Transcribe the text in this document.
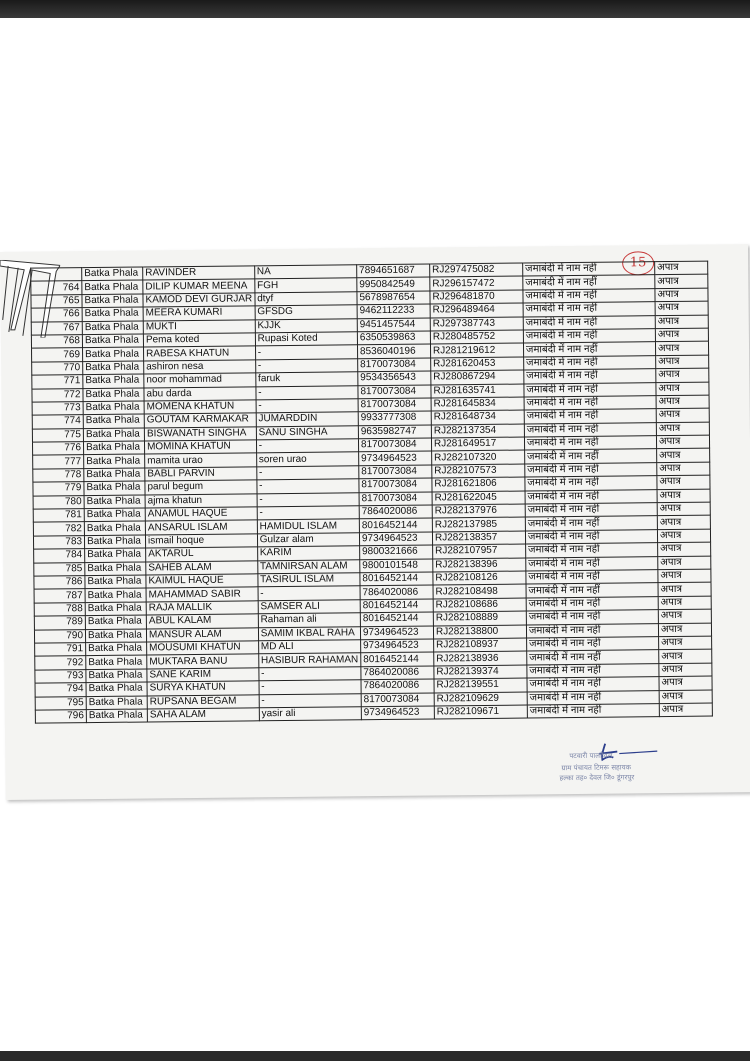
15
	Batka Phala	RAVINDER	NA	7894651687	RJ297475082	जमाबंदी में नाम नहीं	अपात्र
764	Batka Phala	DILIP KUMAR MEENA	FGH	9950842549	RJ296157472	जमाबंदी में नाम नहीं	अपात्र
765	Batka Phala	KAMOD DEVI GURJAR	dtyf	5678987654	RJ296481870	जमाबंदी में नाम नहीं	अपात्र
766	Batka Phala	MEERA KUMARI	GFSDG	9462112233	RJ296489464	जमाबंदी में नाम नहीं	अपात्र
767	Batka Phala	MUKTI	KJJK	9451457544	RJ297387743	जमाबंदी में नाम नहीं	अपात्र
768	Batka Phala	Pema koted	Rupasi Koted	6350539863	RJ280485752	जमाबंदी में नाम नहीं	अपात्र
769	Batka Phala	RABESA KHATUN	-	8536040196	RJ281219612	जमाबंदी में नाम नहीं	अपात्र
770	Batka Phala	ashiron nesa	-	8170073084	RJ281620453	जमाबंदी में नाम नहीं	अपात्र
771	Batka Phala	noor mohammad	faruk	9534356543	RJ280867294	जमाबंदी में नाम नहीं	अपात्र
772	Batka Phala	abu darda	-	8170073084	RJ281635741	जमाबंदी में नाम नहीं	अपात्र
773	Batka Phala	MOMENA KHATUN	-	8170073084	RJ281645834	जमाबंदी में नाम नहीं	अपात्र
774	Batka Phala	GOUTAM KARMAKAR	JUMARDDIN	9933777308	RJ281648734	जमाबंदी में नाम नहीं	अपात्र
775	Batka Phala	BISWANATH SINGHA	SANU SINGHA	9635982747	RJ282137354	जमाबंदी में नाम नहीं	अपात्र
776	Batka Phala	MOMINA KHATUN	-	8170073084	RJ281649517	जमाबंदी में नाम नहीं	अपात्र
777	Batka Phala	mamita urao	soren urao	9734964523	RJ282107320	जमाबंदी में नाम नहीं	अपात्र
778	Batka Phala	BABLI PARVIN	-	8170073084	RJ282107573	जमाबंदी में नाम नहीं	अपात्र
779	Batka Phala	parul begum	-	8170073084	RJ281621806	जमाबंदी में नाम नहीं	अपात्र
780	Batka Phala	ajma khatun	-	8170073084	RJ281622045	जमाबंदी में नाम नहीं	अपात्र
781	Batka Phala	ANAMUL HAQUE	-	7864020086	RJ282137976	जमाबंदी में नाम नहीं	अपात्र
782	Batka Phala	ANSARUL ISLAM	HAMIDUL ISLAM	8016452144	RJ282137985	जमाबंदी में नाम नहीं	अपात्र
783	Batka Phala	ismail hoque	Gulzar alam	9734964523	RJ282138357	जमाबंदी में नाम नहीं	अपात्र
784	Batka Phala	AKTARUL	KARIM	9800321666	RJ282107957	जमाबंदी में नाम नहीं	अपात्र
785	Batka Phala	SAHEB ALAM	TAMNIRSAN ALAM	9800101548	RJ282138396	जमाबंदी में नाम नहीं	अपात्र
786	Batka Phala	KAIMUL HAQUE	TASIRUL ISLAM	8016452144	RJ282108126	जमाबंदी में नाम नहीं	अपात्र
787	Batka Phala	MAHAMMAD SABIR	-	7864020086	RJ282108498	जमाबंदी में नाम नहीं	अपात्र
788	Batka Phala	RAJA MALLIK	SAMSER ALI	8016452144	RJ282108686	जमाबंदी में नाम नहीं	अपात्र
789	Batka Phala	ABUL KALAM	Rahaman ali	8016452144	RJ282108889	जमाबंदी में नाम नहीं	अपात्र
790	Batka Phala	MANSUR ALAM	SAMIM IKBAL RAHA	9734964523	RJ282138800	जमाबंदी में नाम नहीं	अपात्र
791	Batka Phala	MOUSUMI KHATUN	MD ALI	9734964523	RJ282108937	जमाबंदी में नाम नहीं	अपात्र
792	Batka Phala	MUKTARA BANU	HASIBUR RAHAMAN	8016452144	RJ282138936	जमाबंदी में नाम नहीं	अपात्र
793	Batka Phala	SANE KARIM	-	7864020086	RJ282139374	जमाबंदी में नाम नहीं	अपात्र
794	Batka Phala	SURYA KHATUN	-	7864020086	RJ282139551	जमाबंदी में नाम नहीं	अपात्र
795	Batka Phala	RUPSANA BEGAM	-	8170073084	RJ282109629	जमाबंदी में नाम नहीं	अपात्र
796	Batka Phala	SAHA ALAM	yasir ali	9734964523	RJ282109671	जमाबंदी में नाम नहीं	अपात्र
पटवारी पालड़ेवल
ग्राम पंचायत टिमरू सहायक
हल्का तह० देवल जि० डूंगरपुर
